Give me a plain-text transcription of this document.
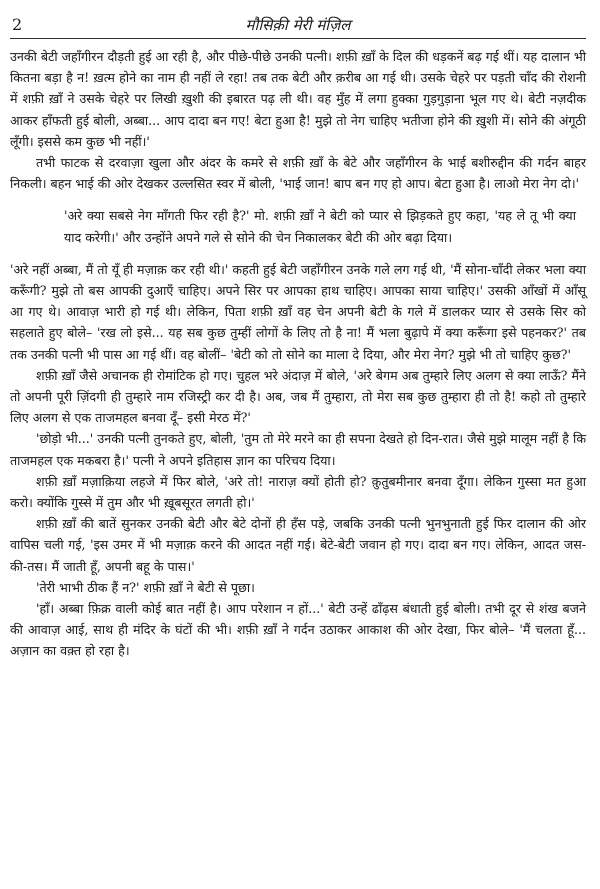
2	मौसिक़ी मेरी मंज़िल

उनकी बेटी जहाँगीरन दौड़ती हुई आ रही है, और पीछे-पीछे उनकी पत्नी। शफ़ी ख़ाँ के दिल की धड़कनें बढ़ गई थीं। यह दालान भी कितना बड़ा है न! ख़त्म होने का नाम ही नहीं ले रहा! तब तक बेटी और क़रीब आ गई थी। उसके चेहरे पर पड़ती चाँद की रोशनी में शफ़ी ख़ाँ ने उसके चेहरे पर लिखी ख़ुशी की इबारत पढ़ ली थी। वह मुँह में लगा हुक्का गुड़गुड़ाना भूल गए थे। बेटी नज़दीक आकर हाँफती हुई बोली, अब्बा... आप दादा बन गए! बेटा हुआ है! मुझे तो नेग चाहिए भतीजा होने की ख़ुशी में। सोने की अंगूठी लूँगी। इससे कम कुछ भी नहीं।'

तभी फाटक से दरवाज़ा खुला और अंदर के कमरे से शफ़ी ख़ाँ के बेटे और जहाँगीरन के भाई बशीरुद्दीन की गर्दन बाहर निकली। बहन भाई की ओर देखकर उल्लसित स्वर में बोली, 'भाई जान! बाप बन गए हो आप। बेटा हुआ है। लाओ मेरा नेग दो।'

'अरे क्या सबसे नेग माँगती फिर रही है?' मो. शफ़ी ख़ाँ ने बेटी को प्यार से झिड़कते हुए कहा, 'यह ले तू भी क्या याद करेगी।' और उन्होंने अपने गले से सोने की चेन निकालकर बेटी की ओर बढ़ा दिया।

'अरे नहीं अब्बा, मैं तो यूँ ही मज़ाक़ कर रही थी।' कहती हुई बेटी जहाँगीरन उनके गले लग गई थी, 'मैं सोना-चाँदी लेकर भला क्या करूँगी? मुझे तो बस आपकी दुआएँ चाहिए। अपने सिर पर आपका हाथ चाहिए। आपका साया चाहिए।' उसकी आँखों में आँसू आ गए थे। आवाज़ भारी हो गई थी। लेकिन, पिता शफ़ी ख़ाँ वह चेन अपनी बेटी के गले में डालकर प्यार से उसके सिर को सहलाते हुए बोले– 'रख लो इसे... यह सब कुछ तुम्हीं लोगों के लिए तो है ना! मैं भला बुढ़ापे में क्या करूँगा इसे पहनकर?' तब तक उनकी पत्नी भी पास आ गई थीं। वह बोलीं– 'बेटी को तो सोने का माला दे दिया, और मेरा नेग? मुझे भी तो चाहिए कुछ?'

शफ़ी ख़ाँ जैसे अचानक ही रोमांटिक हो गए। चुहल भरे अंदाज़ में बोले, 'अरे बेगम अब तुम्हारे लिए अलग से क्या लाऊँ? मैंने तो अपनी पूरी ज़िंदगी ही तुम्हारे नाम रजिस्ट्री कर दी है। अब, जब मैं तुम्हारा, तो मेरा सब कुछ तुम्हारा ही तो है! कहो तो तुम्हारे लिए अलग से एक ताजमहल बनवा दूँ– इसी मेरठ में?'

'छोड़ो भी...' उनकी पत्नी तुनकते हुए, बोली, 'तुम तो मेरे मरने का ही सपना देखते हो दिन-रात। जैसे मुझे मालूम नहीं है कि ताजमहल एक मकबरा है।' पत्नी ने अपने इतिहास ज्ञान का परिचय दिया।

शफ़ी ख़ाँ मज़ाक़िया लहजे में फिर बोले, 'अरे तो! नाराज़ क्यों होती हो? क़ुतुबमीनार बनवा दूँगा। लेकिन गुस्सा मत हुआ करो। क्योंकि गुस्से में तुम और भी ख़ूबसूरत लगती हो।'

शफ़ी ख़ाँ की बातें सुनकर उनकी बेटी और बेटे दोनों ही हँस पड़े, जबकि उनकी पत्नी भुनभुनाती हुई फिर दालान की ओर वापिस चली गई, 'इस उमर में भी मज़ाक़ करने की आदत नहीं गई। बेटे-बेटी जवान हो गए। दादा बन गए। लेकिन, आदत जस-की-तस। मैं जाती हूँ, अपनी बहू के पास।'

'तेरी भाभी ठीक हैं न?' शफ़ी ख़ाँ ने बेटी से पूछा।

'हाँ। अब्बा फ़िक्र वाली कोई बात नहीं है। आप परेशान न हों...' बेटी उन्हें ढाँढ़स बंधाती हुई बोली। तभी दूर से शंख बजने की आवाज़ आई, साथ ही मंदिर के घंटों की भी। शफ़ी ख़ाँ ने गर्दन उठाकर आकाश की ओर देखा, फिर बोले– 'मैं चलता हूँ... अज़ान का वक़्त हो रहा है।
